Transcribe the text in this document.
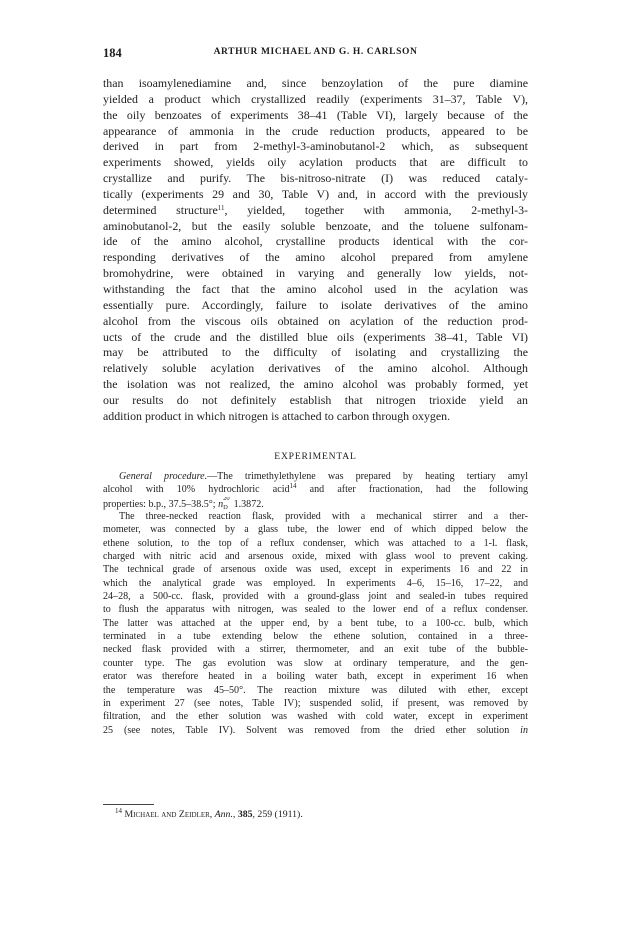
184	ARTHUR MICHAEL AND G. H. CARLSON
than isoamylenediamine and, since benzoylation of the pure diamine
yielded a product which crystallized readily (experiments 31–37, Table V),
the oily benzoates of experiments 38–41 (Table VI), largely because of the
appearance of ammonia in the crude reduction products, appeared to be
derived in part from 2-methyl-3-aminobutanol-2 which, as subsequent
experiments showed, yields oily acylation products that are difficult to
crystallize and purify. The bis-nitroso-nitrate (I) was reduced cataly-
tically (experiments 29 and 30, Table V) and, in accord with the previously
determined structure$^{11}$, yielded, together with ammonia, 2-methyl-3-
aminobutanol-2, but the easily soluble benzoate, and the toluene sulfonam-
ide of the amino alcohol, crystalline products identical with the cor-
responding derivatives of the amino alcohol prepared from amylene
bromohydrine, were obtained in varying and generally low yields, not-
withstanding the fact that the amino alcohol used in the acylation was
essentially pure. Accordingly, failure to isolate derivatives of the amino
alcohol from the viscous oils obtained on acylation of the reduction prod-
ucts of the crude and the distilled blue oils (experiments 38–41, Table VI)
may be attributed to the difficulty of isolating and crystallizing the
relatively soluble acylation derivatives of the amino alcohol. Although
the isolation was not realized, the amino alcohol was probably formed, yet
our results do not definitely establish that nitrogen trioxide yield an
addition product in which nitrogen is attached to carbon through oxygen.
EXPERIMENTAL
General procedure.—The trimethylethylene was prepared by heating tertiary amyl
alcohol with 10% hydrochloric acid$^{14}$ and after fractionation, had the following
properties: b.p., 37.5–38.5°; n
20
D 1.3872.
The three-necked reaction flask, provided with a mechanical stirrer and a ther-
mometer, was connected by a glass tube, the lower end of which dipped below the
ethene solution, to the top of a reflux condenser, which was attached to a 1-l. flask,
charged with nitric acid and arsenous oxide, mixed with glass wool to prevent caking.
The technical grade of arsenous oxide was used, except in experiments 16 and 22 in
which the analytical grade was employed. In experiments 4–6, 15–16, 17–22, and
24–28, a 500-cc. flask, provided with a ground-glass joint and sealed-in tubes required
to flush the apparatus with nitrogen, was sealed to the lower end of a reflux condenser.
The latter was attached at the upper end, by a bent tube, to a 100-cc. bulb, which
terminated in a tube extending below the ethene solution, contained in a three-
necked flask provided with a stirrer, thermometer, and an exit tube of the bubble-
counter type. The gas evolution was slow at ordinary temperature, and the gen-
erator was therefore heated in a boiling water bath, except in experiment 16 when
the temperature was 45–50°. The reaction mixture was diluted with ether, except
in experiment 27 (see notes, Table IV); suspended solid, if present, was removed by
filtration, and the ether solution was washed with cold water, except in experiment
25 (see notes, Table IV). Solvent was removed from the dried ether solution in
$^{14}$ Michael and Zeidler, Ann., 385, 259 (1911).
